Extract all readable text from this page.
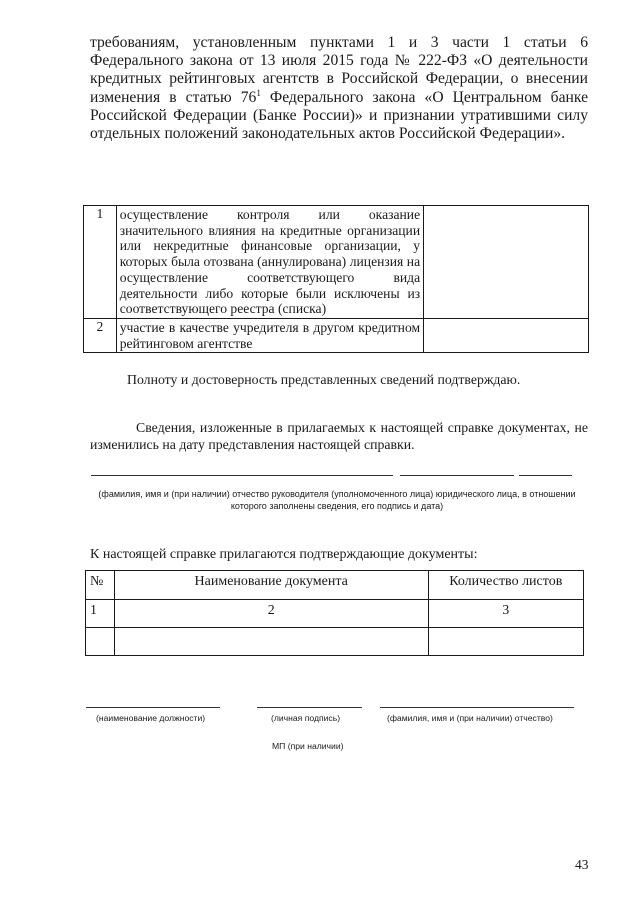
требованиям, установленным пунктами 1 и 3 части 1 статьи 6 Федерального закона от 13 июля 2015 года № 222-ФЗ «О деятельности кредитных рейтинговых агентств в Российской Федерации, о внесении изменения в статью $76^1$ Федерального закона «О Центральном банке Российской Федерации (Банке России)» и признании утратившими силу отдельных положений законодательных актов Российской Федерации».
1	осуществление контроля или оказание значительного влияния на кредитные организации или некредитные финансовые организации, у которых была отозвана (аннулирована) лицензия на осуществление соответствующего вида деятельности либо которые были исключены из соответствующего реестра (списка)	
2	участие в качестве учредителя в другом кредитном рейтинговом агентстве	
Полноту и достоверность представленных сведений подтверждаю.
Сведения, изложенные в прилагаемых к настоящей справке документах, не изменились на дату представления настоящей справки.
(фамилия, имя и (при наличии) отчество руководителя (уполномоченного лица) юридического лица, в отношении которого заполнены сведения, его подпись и дата)
К настоящей справке прилагаются подтверждающие документы:
№	Наименование документа	Количество листов
1	2	3

(наименование должности)	(личная подпись)	(фамилия, имя и (при наличии) отчество)
МП (при наличии)
43
